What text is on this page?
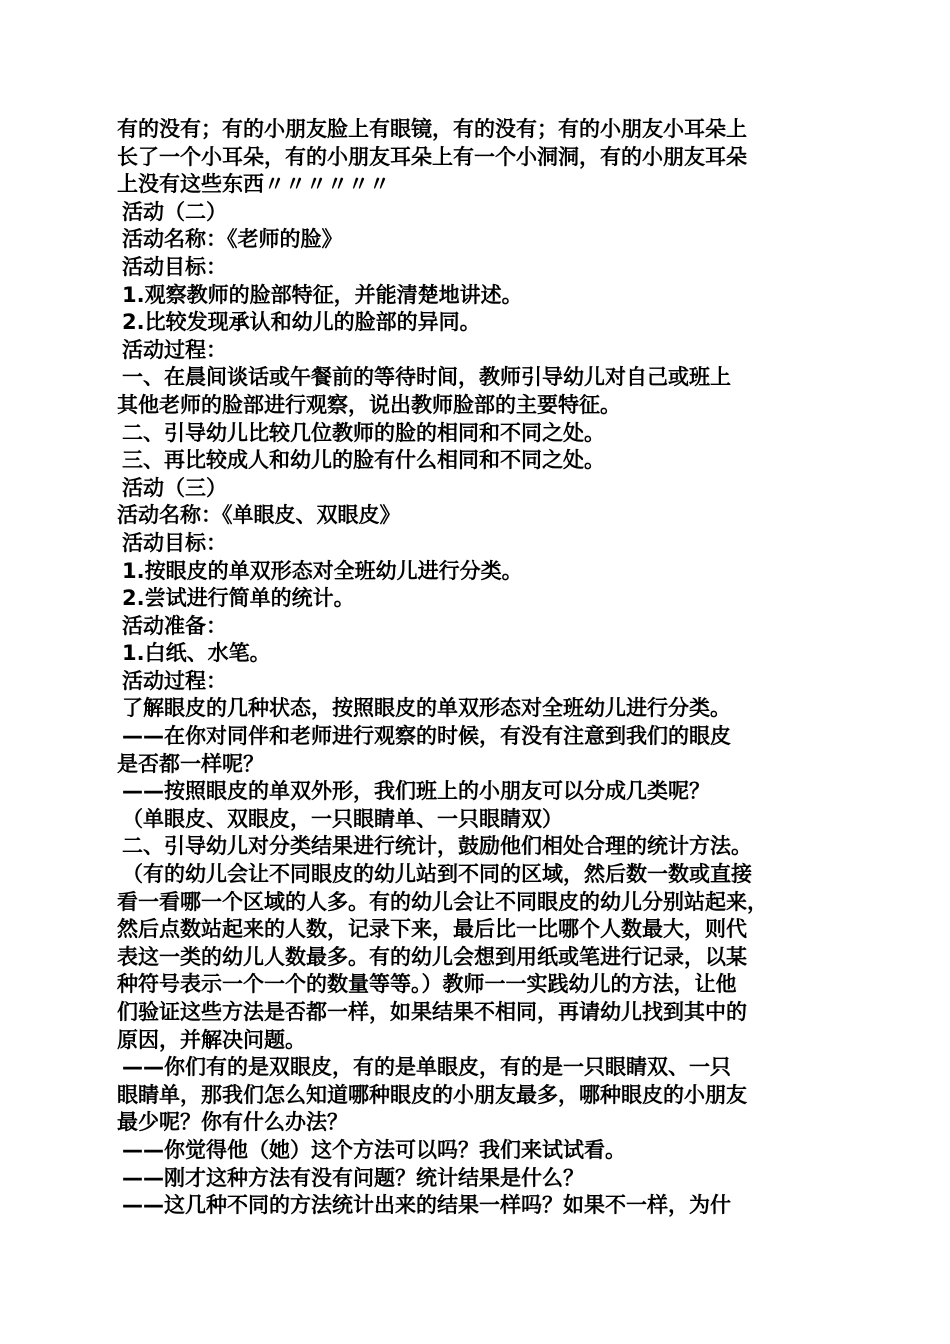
有的没有；有的小朋友脸上有眼镜，有的没有；有的小朋友小耳朵上
长了一个小耳朵，有的小朋友耳朵上有一个小洞洞，有的小朋友耳朵
上没有这些东西〃〃〃〃〃〃
活动（二）
活动名称：《老师的脸》
活动目标：
1.观察教师的脸部特征，并能清楚地讲述。
2.比较发现承认和幼儿的脸部的异同。
活动过程：
一、在晨间谈话或午餐前的等待时间，教师引导幼儿对自己或班上
其他老师的脸部进行观察，说出教师脸部的主要特征。
二、引导幼儿比较几位教师的脸的相同和不同之处。
三、再比较成人和幼儿的脸有什么相同和不同之处。
活动（三）
活动名称：《单眼皮、双眼皮》
活动目标：
1.按眼皮的单双形态对全班幼儿进行分类。
2.尝试进行简单的统计。
活动准备：
1.白纸、水笔。
活动过程：
了解眼皮的几种状态，按照眼皮的单双形态对全班幼儿进行分类。
——在你对同伴和老师进行观察的时候，有没有注意到我们的眼皮
是否都一样呢？
——按照眼皮的单双外形，我们班上的小朋友可以分成几类呢？
（单眼皮、双眼皮，一只眼睛单、一只眼睛双）
二、引导幼儿对分类结果进行统计，鼓励他们相处合理的统计方法。
（有的幼儿会让不同眼皮的幼儿站到不同的区域，然后数一数或直接
看一看哪一个区域的人多。有的幼儿会让不同眼皮的幼儿分别站起来，
然后点数站起来的人数，记录下来，最后比一比哪个人数最大，则代
表这一类的幼儿人数最多。有的幼儿会想到用纸或笔进行记录，以某
种符号表示一个一个的数量等等。）教师一一实践幼儿的方法，让他
们验证这些方法是否都一样，如果结果不相同，再请幼儿找到其中的
原因，并解决问题。
——你们有的是双眼皮，有的是单眼皮，有的是一只眼睛双、一只
眼睛单，那我们怎么知道哪种眼皮的小朋友最多，哪种眼皮的小朋友
最少呢？你有什么办法？
——你觉得他（她）这个方法可以吗？我们来试试看。
——刚才这种方法有没有问题？统计结果是什么？
——这几种不同的方法统计出来的结果一样吗？如果不一样，为什
